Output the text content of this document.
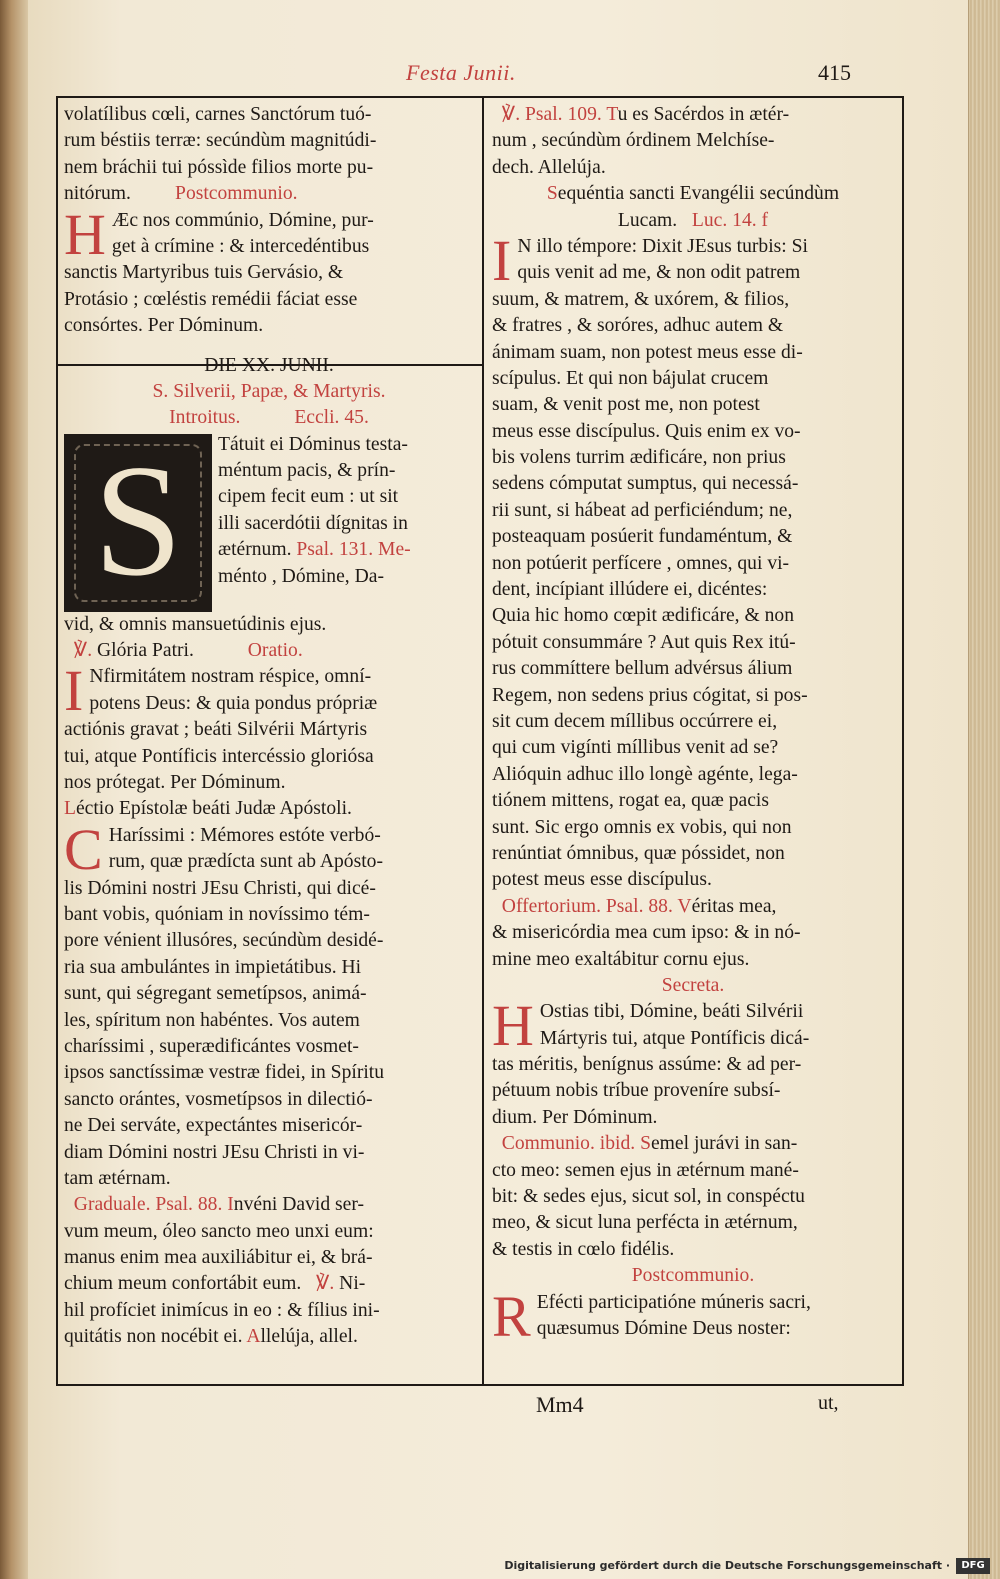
Festa Junii.	415
volatílibus cœli, carnes Sanctórum tuó-
rum béstiis terræ: secúndùm magnitúdi-
nem bráchii tui póssìde filios morte pu-
nitórum. Postcommunio.
H Æc nos commúnio, Dómine, pur-
get à crímine : & intercedéntibus
sanctis Martyribus tuis Gervásio, &
Protásio ; cœléstis remédii fáciat esse
consórtes. Per Dóminum.
DIE XX. JUNII.
S. Silverii, Papæ, & Martyris.
Introitus.	Eccli. 45.
S	Tátuit ei Dóminus testa-
méntum pacis, & prín-
cipem fecit eum : ut sit
illi sacerdótii dígnitas in
ætérnum. Psal. 131. Me-
ménto , Dómine, Da-
vid, & omnis mansuetúdinis ejus.
℣. Glória Patri.	Oratio.
I Nfirmitátem nostram réspice, omní-
potens Deus: & quia pondus própriæ
actiónis gravat ; beáti Silvérii Mártyris
tui, atque Pontíficis intercéssio gloriósa
nos prótegat. Per Dóminum.
Léctio Epístolæ beáti Judæ Apóstoli.
C Haríssimi : Mémores estóte verbó-
rum, quæ prædícta sunt ab Apósto-
lis Dómini nostri JEsu Christi, qui dicé-
bant vobis, quóniam in novíssimo tém-
pore vénient illusóres, secúndùm desidé-
ria sua ambulántes in impietátibus. Hi
sunt, qui ségregant semetípsos, animá-
les, spíritum non habéntes. Vos autem
charíssimi , superædificántes vosmet-
ipsos sanctíssimæ vestræ fidei, in Spíritu
sancto orántes, vosmetípsos in dilectió-
ne Dei serváte, expectántes misericór-
diam Dómini nostri JEsu Christi in vi-
tam ætérnam.
Graduale. Psal. 88. Invéni David ser-
vum meum, óleo sancto meo unxi eum:
manus enim mea auxiliábitur ei, & brá-
chium meum confortábit eum. ℣. Ni-
hil profíciet inimícus in eo : & fílius ini-
quitátis non nocébit ei. Allelúja, allel.
℣. Psal. 109. Tu es Sacérdos in ætér-
num , secúndùm órdinem Melchíse-
dech. Allelúja.
Sequéntia sancti Evangélii secúndùm
Lucam. Luc. 14. f
I N illo témpore: Dixit JEsus turbis: Si
quis venit ad me, & non odit patrem
suum, & matrem, & uxórem, & filios,
& fratres , & soróres, adhuc autem &
ánimam suam, non potest meus esse di-
scípulus. Et qui non bájulat crucem
suam, & venit post me, non potest
meus esse discípulus. Quis enim ex vo-
bis volens turrim ædificáre, non prius
sedens cómputat sumptus, qui necessá-
rii sunt, si hábeat ad perficiéndum; ne,
posteaquam posúerit fundaméntum, &
non potúerit perfícere , omnes, qui vi-
dent, incípiant illúdere ei, dicéntes:
Quia hic homo cœpit ædificáre, & non
pótuit consummáre ? Aut quis Rex itú-
rus commíttere bellum advérsus álium
Regem, non sedens prius cógitat, si pos-
sit cum decem míllibus occúrrere ei,
qui cum vigínti míllibus venit ad se?
Alióquin adhuc illo longè agénte, lega-
tiónem mittens, rogat ea, quæ pacis
sunt. Sic ergo omnis ex vobis, qui non
renúntiat ómnibus, quæ póssidet, non
potest meus esse discípulus.
Offertorium. Psal. 88. Véritas mea,
& misericórdia mea cum ipso: & in nó-
mine meo exaltábitur cornu ejus.
Secreta.
H Ostias tibi, Dómine, beáti Silvérii
Mártyris tui, atque Pontíficis dicá-
tas méritis, benígnus assúme: & ad per-
pétuum nobis tríbue proveníre subsí-
dium. Per Dóminum.
Communio. ibid. Semel jurávi in san-
cto meo: semen ejus in ætérnum mané-
bit: & sedes ejus, sicut sol, in conspéctu
meo, & sicut luna perfécta in ætérnum,
& testis in cœlo fidélis.
Postcommunio.
R Eféсti participatióne múneris sacri,
quæsumus Dómine Deus noster:
Mm4	ut,
Digitalisierung gefördert durch die Deutsche Forschungsgemeinschaft ·	DFG
